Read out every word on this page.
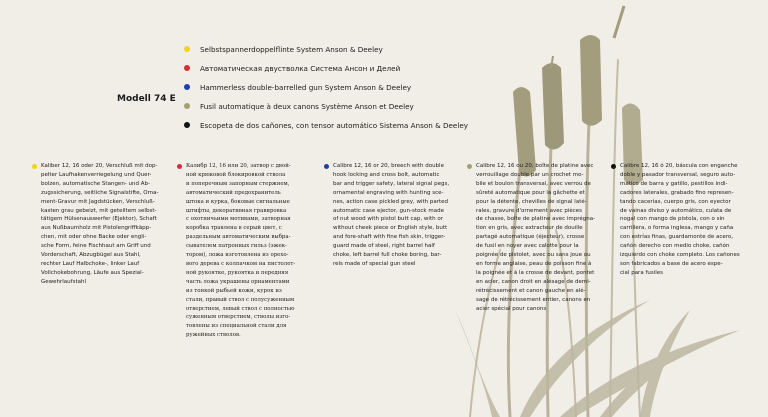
Modell 74 E
Selbstspannerdoppelflinte System Anson & Deeley
Автоматическая двустволка Система Ансон и Делей
Hammerless double-barrelled gun System Anson & Deeley
Fusil automatique à deux canons Système Anson et Deeley
Escopeta de dos cañones, con tensor automático Sistema Anson & Deeley

Kaliber 12, 16 oder 20, Verschluß mit dop-
pelter Laufhakenverriegelung und Quer-
bolzen, automatische Stangen- und Ab-
zugssicherung, seitliche Signalstifte, Orna-
ment-Gravur mit Jagdstücken, Verschluß-
kasten grau gebeizt, mit geteiltem selbst-
tätigem Hülsenauswerfer (Ejektor), Schaft
aus Nußbaumholz mit Pistolengriffkäpp-
chen, mit oder ohne Backe oder engli-
sche Form, feine Fischhaut am Griff und
Vorderschaft, Abzugbügel aus Stahl,
rechter Lauf Halbchoke-, linker Lauf
Vollchokebohrung, Läufe aus Spezial-
Gewehrlaufstahl

Калибр 12, 16 или 20, затвор с двой-
ной крюковой блокировкой ствола
и поперечным запорным стержнем,
автоматический предохранитель
штока и курка, боковые сигнальные
штифты, декоративная гравировка
с охотничьими мотивами, затворная
коробка травлена в серый цвет, с
раздельным автоматическим выбра-
сывателем патронных гильз (эжек-
тором), ложа изготовлена из орехо-
вого дерева с колпачком на пистолет-
ной рукоятке, рукоятка и передняя
часть ложа украшены орнаментами
из тонкой рыбьей кожи, курок из
стали, правый ствол с полусуженным
отверстием, левый ствол с полностью
суженным отверстием, стволы изго-
товлены из специальной стали для
ружейных стволов.

Calibre 12, 16 or 20, breech with double
hook locking and cross bolt, automatic
bar and trigger safety, lateral signal pegs,
ornamental engraving with hunting sce-
nes, action case pickled grey, with parted
automatic case ejector, gun-stock made
of nut wood with pistol butt cap, with or
without cheek piece or English style, butt
and fore-shaft with fine fish skin, trigger-
guard made of steel, right barrel half
choke, left barrel full choke boring, bar-
rels made of special gun steel

Calibre 12, 16 ou 20, boîte de platine avec
verrouillage double par un crochet mo-
bile et boulon transversal, avec verrou de
sûreté automatique pour la gâchette et
pour la détente, chevilles de signal laté-
rales, gravure d'ornement avec pièces
de chasse, boîte de platine avec imprégna-
tion en gris, avec extracteur de douille
partagé automatique (éjecteur), crosse
de fusil en noyer avec calotte pour la
poignée de pistolet, avec ou sans joue ou
en forme anglaise, peau de poisson fine à
la poignée et à la crosse de devant, pontet
en acier, canon droit en alésage de demi-
rétrécissement et canon gauche en alé-
sage de rétrécissement entier, canons en
acier spécial pour canons

Calibre 12, 16 ó 20, báscula con enganche
doble y pasador transversal, seguro auto-
mático de barra y gatillo, pestillos indi-
cadores laterales, grabado fino represen-
tando cacerías, cuerpo gris, con eyector
de vainas diviso y automático, culata de
nogal con mango de pistola, con o sin
carrillera, o forma inglesa, mango y caña
con estrías finas, guardamonte de acero,
cañón derecho con medio choke, cañón
izquierdo con choke completo. Los cañones
son fabricados a base de acero espe-
cial para fusiles
